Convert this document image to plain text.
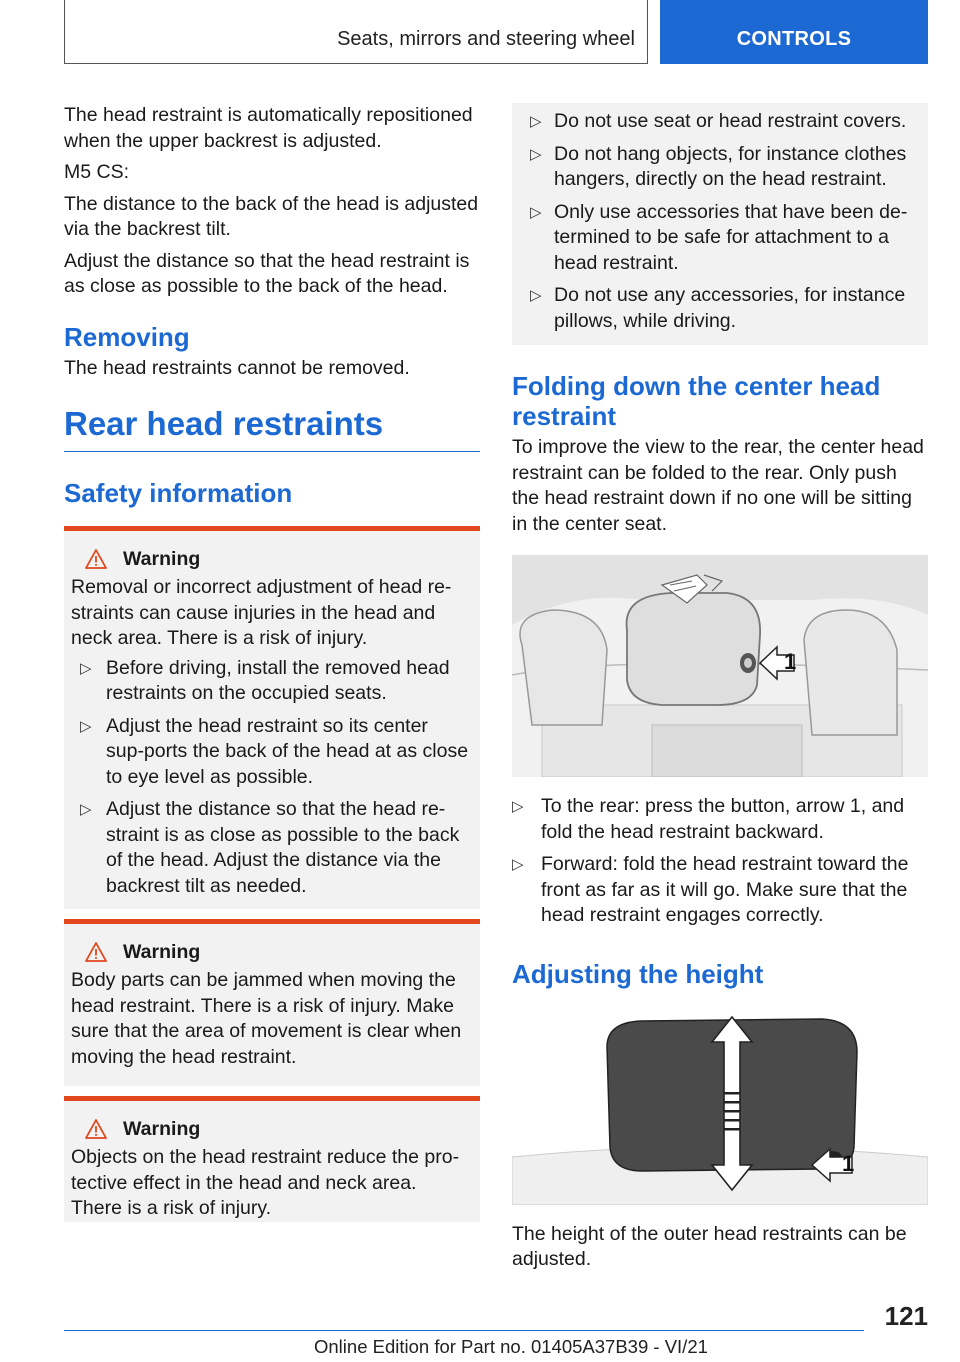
Seats, mirrors and steering wheel	CONTROLS

The head restraint is automatically repositioned when the upper backrest is adjusted.

M5 CS:

The distance to the back of the head is adjusted via the backrest tilt.

Adjust the distance so that the head restraint is as close as possible to the back of the head.

Removing

The head restraints cannot be removed.

Rear head restraints
Safety information
Warning

Removal or incorrect adjustment of head re-straints can cause injuries in the head and neck area. There is a risk of injury.

▷ Before driving, install the removed head restraints on the occupied seats.
▷ Adjust the head restraint so its center sup-ports the back of the head at as close to eye level as possible.
▷ Adjust the distance so that the head re-straint is as close as possible to the back of the head. Adjust the distance via the backrest tilt as needed.
Warning

Body parts can be jammed when moving the head restraint. There is a risk of injury. Make sure that the area of movement is clear when moving the head restraint.

Warning

Objects on the head restraint reduce the pro-tective effect in the head and neck area. There is a risk of injury.

▷ Do not use seat or head restraint covers.
▷ Do not hang objects, for instance clothes hangers, directly on the head restraint.
▷ Only use accessories that have been de-termined to be safe for attachment to a head restraint.
▷ Do not use any accessories, for instance pillows, while driving.
Folding down the center head restraint

To improve the view to the rear, the center head restraint can be folded to the rear. Only push the head restraint down if no one will be sitting in the center seat.

1
▷ To the rear: press the button, arrow 1, and fold the head restraint backward.
▷ Forward: fold the head restraint toward the front as far as it will go. Make sure that the head restraint engages correctly.
Adjusting the height
1

The height of the outer head restraints can be adjusted.

121
Online Edition for Part no. 01405A37B39 - VI/21
